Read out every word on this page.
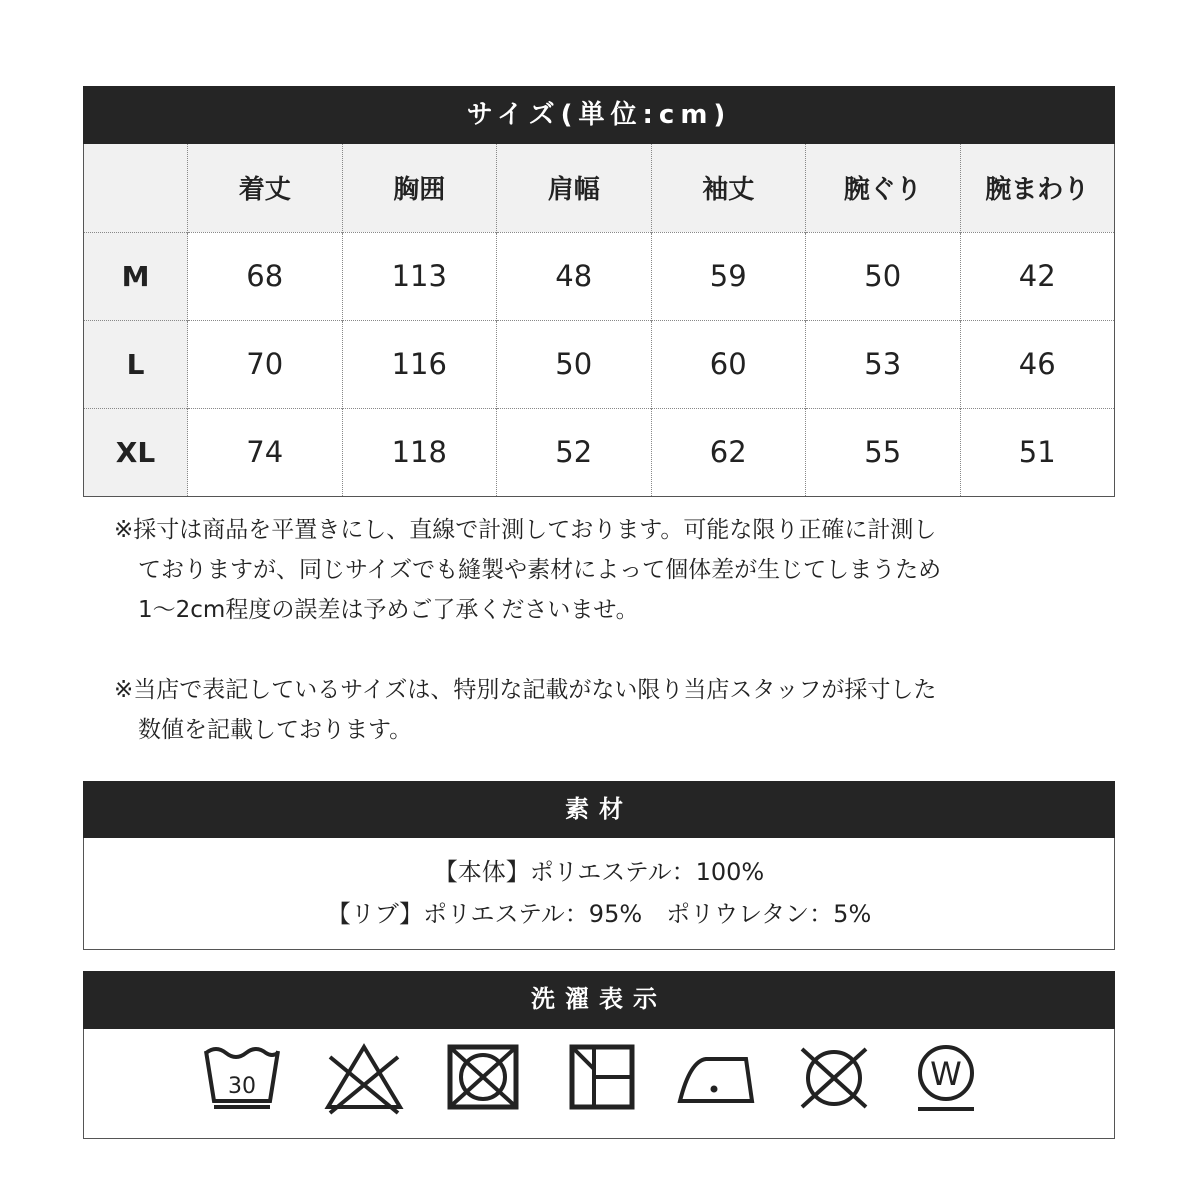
サイズ(単位:cm)
	着丈	胸囲	肩幅	袖丈	腕ぐり	腕まわり
M	68	113	48	59	50	42
L	70	116	50	60	53	46
XL	74	118	52	62	55	51
※採寸は商品を平置きにし、直線で計測しております。可能な限り正確に計測し
ておりますが、同じサイズでも縫製や素材によって個体差が生じてしまうため
1〜2cm程度の誤差は予めご了承くださいませ。
※当店で表記しているサイズは、特別な記載がない限り当店スタッフが採寸した
数値を記載しております。
素材
【本体】ポリエステル：100%
【リブ】ポリエステル：95%　ポリウレタン：5%
洗濯表示
30	W
